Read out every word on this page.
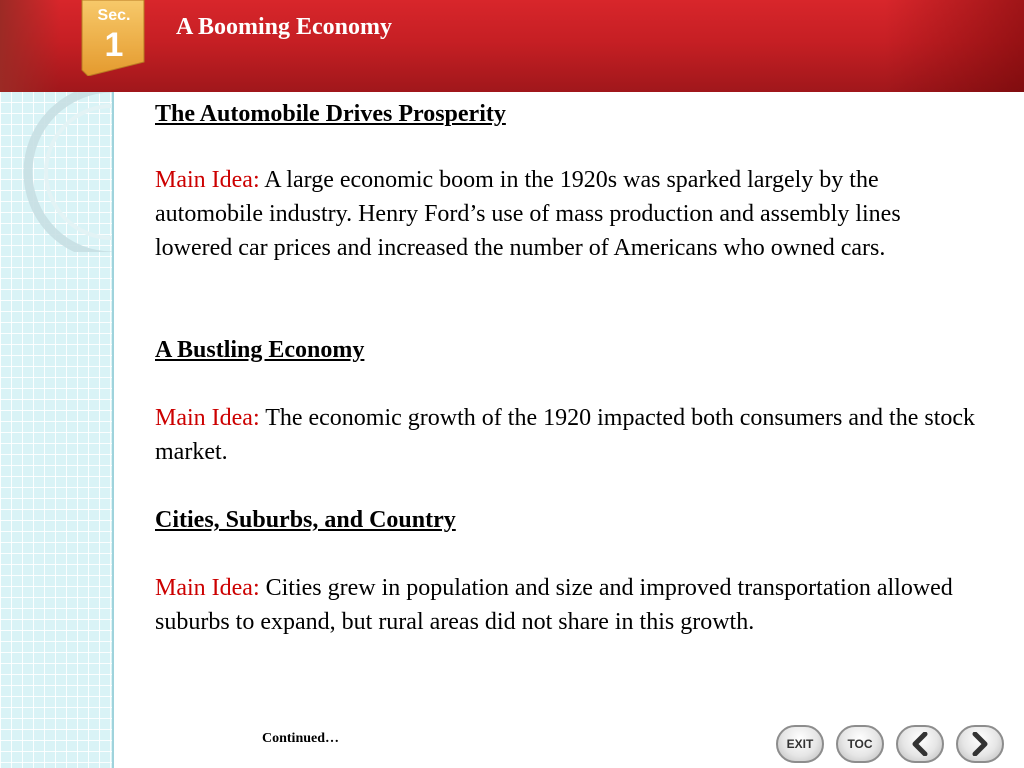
A Booming Economy
Sec.
1

The Automobile Drives Prosperity

Main Idea: A large economic boom in the 1920s was sparked largely by the automobile industry. Henry Ford’s use of mass production and assembly lines lowered car prices and increased the number of Americans who owned cars.

A Bustling Economy

Main Idea: The economic growth of the 1920 impacted both consumers and the stock market.

Cities, Suburbs, and Country

Main Idea: Cities grew in population and size and improved transportation allowed suburbs to expand, but rural areas did not share in this growth.

Continued…	EXIT	TOC
